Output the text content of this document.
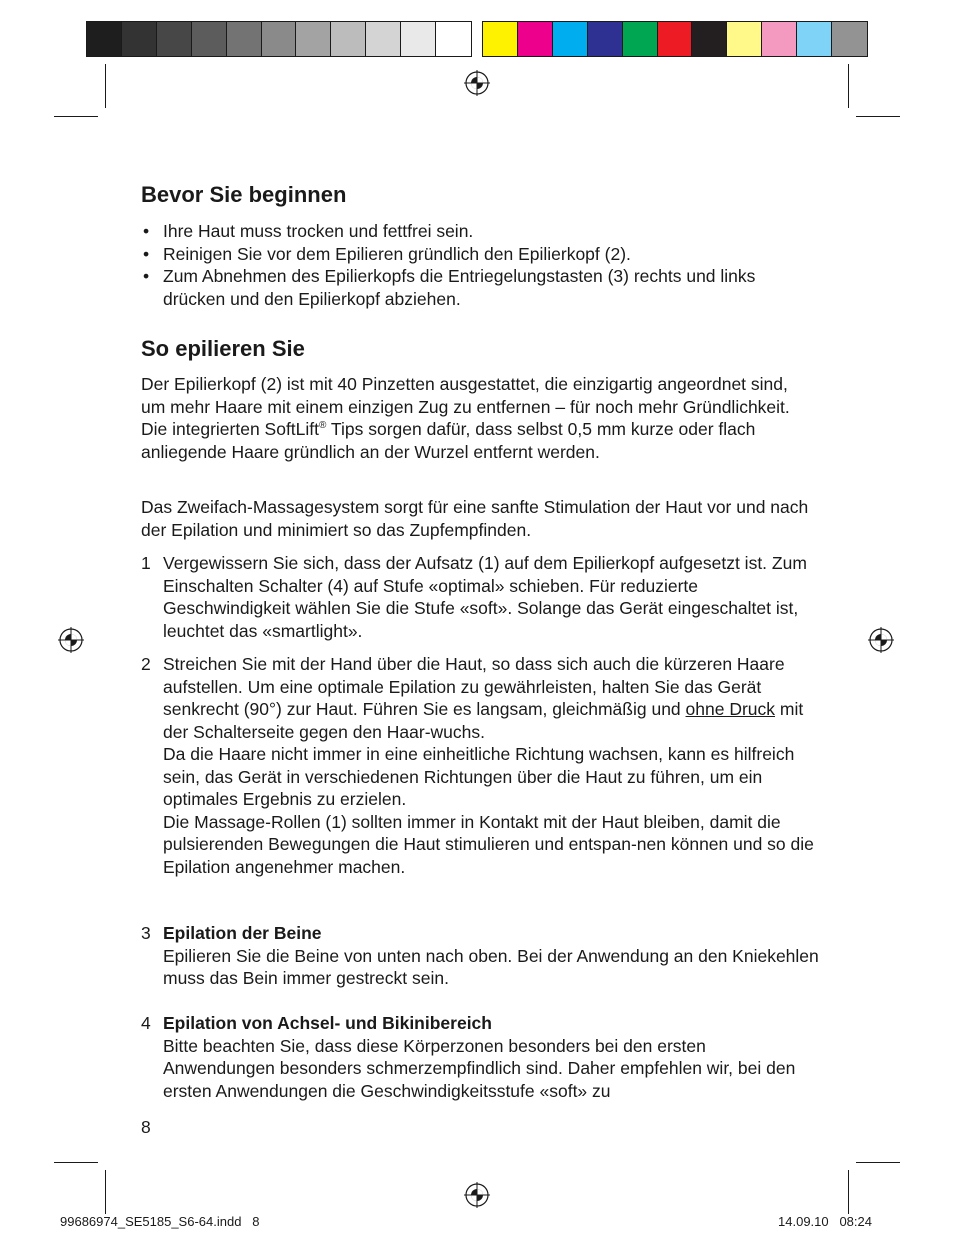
Bevor Sie beginnen
• Ihre Haut muss trocken und fettfrei sein.
• Reinigen Sie vor dem Epilieren gründlich den Epilierkopf (2).
• Zum Abnehmen des Epilierkopfs die Entriegelungstasten (3) rechts und links drücken und den Epilierkopf abziehen.
So epilieren Sie

Der Epilierkopf (2) ist mit 40 Pinzetten ausgestattet, die einzigartig angeordnet sind, um mehr Haare mit einem einzigen Zug zu entfernen – für noch mehr Gründlichkeit. Die integrierten SoftLift® Tips sorgen dafür, dass selbst 0,5 mm kurze oder flach anliegende Haare gründlich an der Wurzel entfernt werden.

Das Zweifach-Massagesystem sorgt für eine sanfte Stimulation der Haut vor und nach der Epilation und minimiert so das Zupfempfinden.

1 Vergewissern Sie sich, dass der Aufsatz (1) auf dem Epilierkopf aufgesetzt ist. Zum Einschalten Schalter (4) auf Stufe «optimal» schieben. Für reduzierte Geschwindigkeit wählen Sie die Stufe «soft». Solange das Gerät eingeschaltet ist, leuchtet das «smartlight».

2 Streichen Sie mit der Hand über die Haut, so dass sich auch die kürzeren Haare aufstellen. Um eine optimale Epilation zu gewährleisten, halten Sie das Gerät senkrecht (90°) zur Haut. Führen Sie es langsam, gleichmäßig und ohne Druck mit der Schalterseite gegen den Haar-wuchs.

Da die Haare nicht immer in eine einheitliche Richtung wachsen, kann es hilfreich sein, das Gerät in verschiedenen Richtungen über die Haut zu führen, um ein optimales Ergebnis zu erzielen.

Die Massage-Rollen (1) sollten immer in Kontakt mit der Haut bleiben, damit die pulsierenden Bewegungen die Haut stimulieren und entspan-nen können und so die Epilation angenehmer machen.

3 Epilation der Beine

Epilieren Sie die Beine von unten nach oben. Bei der Anwendung an den Kniekehlen muss das Bein immer gestreckt sein.

4 Epilation von Achsel- und Bikinibereich

Bitte beachten Sie, dass diese Körperzonen besonders bei den ersten Anwendungen besonders schmerzempfindlich sind. Daher empfehlen wir, bei den ersten Anwendungen die Geschwindigkeitsstufe «soft» zu

8
99686974_SE5185_S6-64.indd   8	14.09.10   08:24
